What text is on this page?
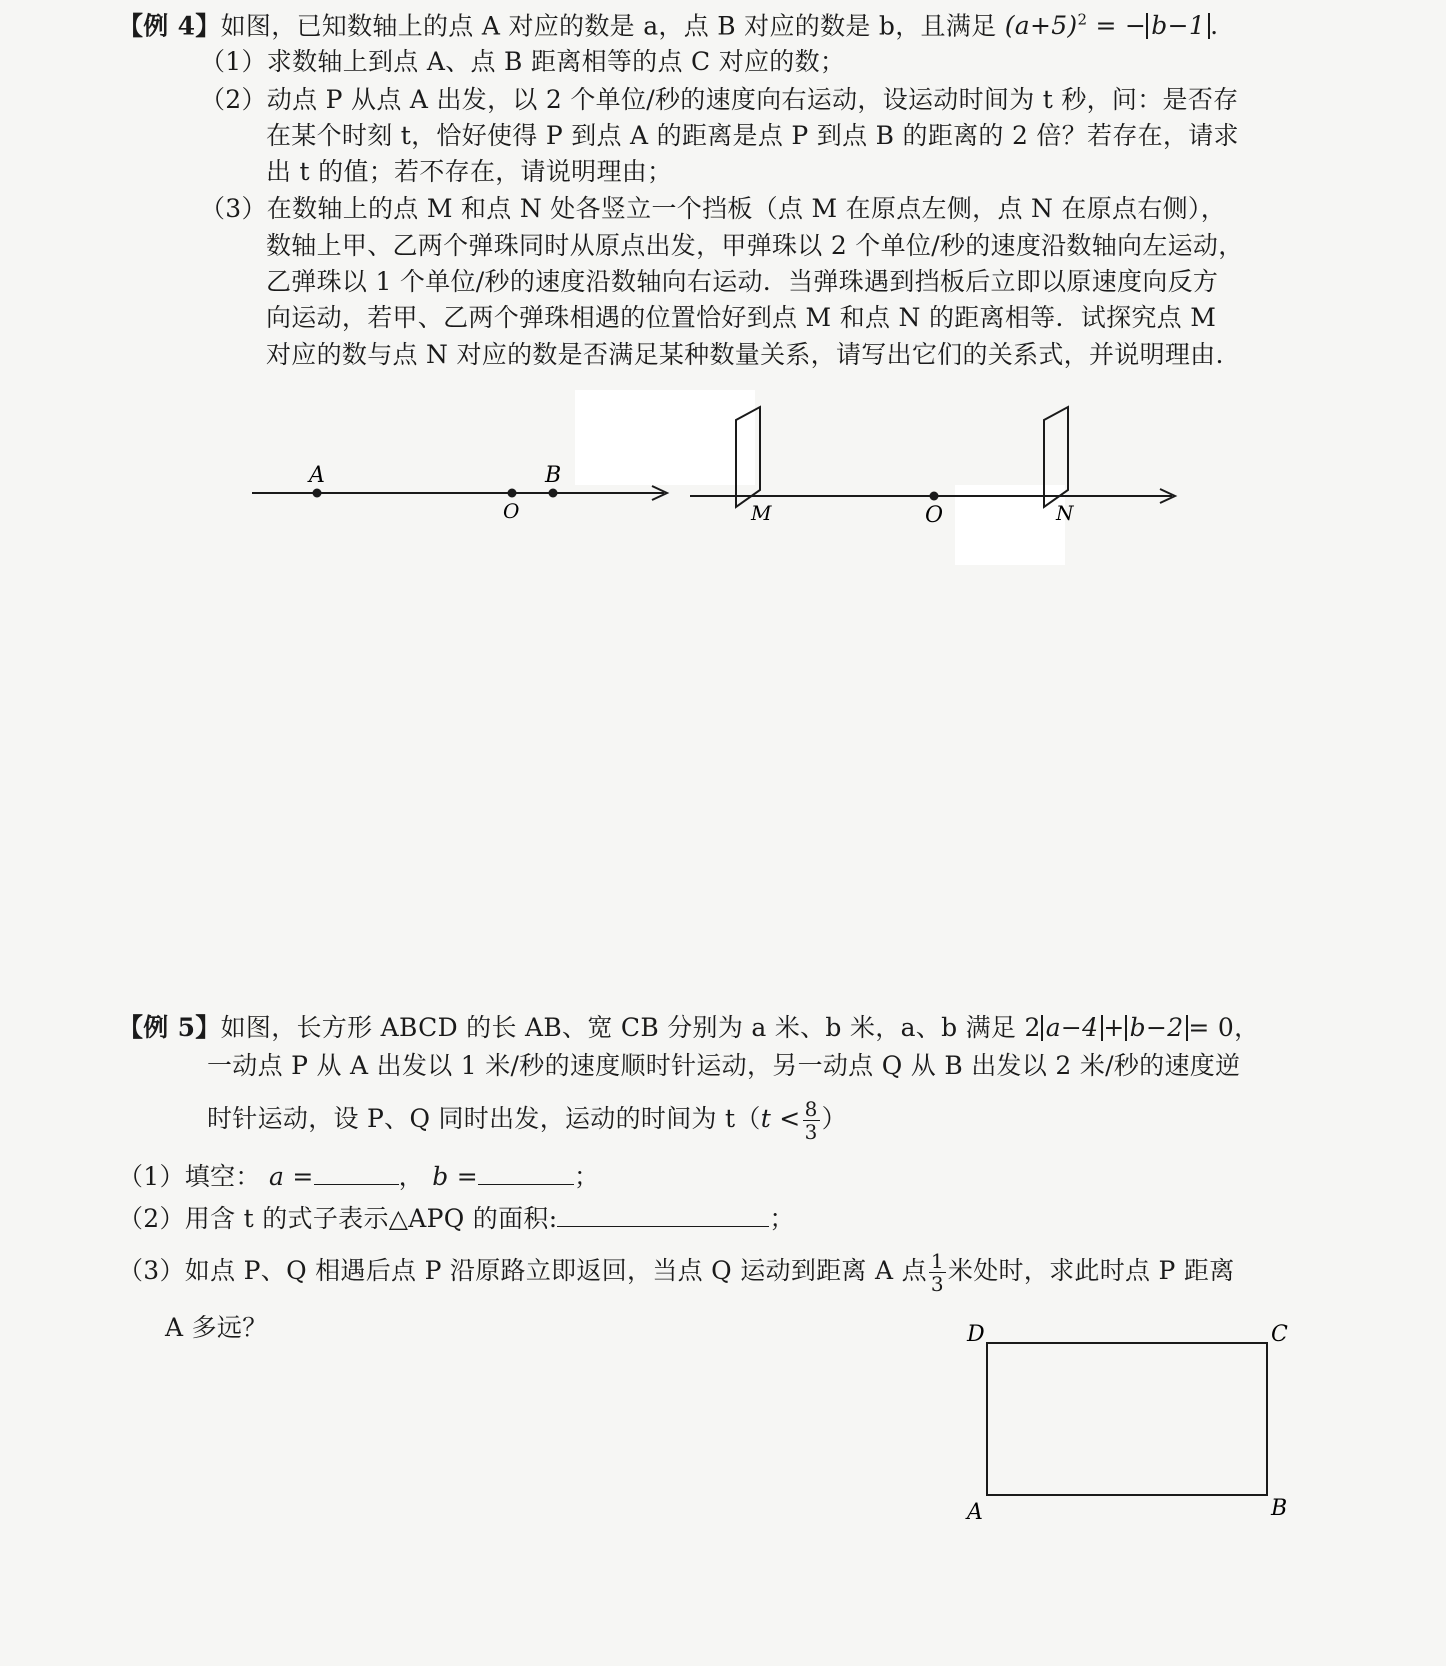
【例 4】如图，已知数轴上的点 A 对应的数是 a，点 B 对应的数是 b，且满足 $(a+5)^2$ = − b−1 .
（1）求数轴上到点 A、点 B 距离相等的点 C 对应的数；
（2）动点 P 从点 A 出发，以 2 个单位/秒的速度向右运动，设运动时间为 t 秒，问：是否存
在某个时刻 t，恰好使得 P 到点 A 的距离是点 P 到点 B 的距离的 2 倍？若存在，请求
出 t 的值；若不存在，请说明理由；
（3）在数轴上的点 M 和点 N 处各竖立一个挡板（点 M 在原点左侧，点 N 在原点右侧），
数轴上甲、乙两个弹珠同时从原点出发，甲弹珠以 2 个单位/秒的速度沿数轴向左运动，
乙弹珠以 1 个单位/秒的速度沿数轴向右运动．当弹珠遇到挡板后立即以原速度向反方
向运动，若甲、乙两个弹珠相遇的位置恰好到点 M 和点 N 的距离相等．试探究点 M
对应的数与点 N 对应的数是否满足某种数量关系，请写出它们的关系式，并说明理由.
A
O
B
M	O	N
【例 5】如图，长方形 ABCD 的长 AB、宽 CB 分别为 a 米、b 米，a、b 满足 2 a−4 + b−2 = 0，
一动点 P 从 A 出发以 1 米/秒的速度顺时针运动，另一动点 Q 从 B 出发以 2 米/秒的速度逆
时针运动，设 P、Q 同时出发，运动的时间为 $t(t < \frac{8}{3}$ ）
（1）填空： a =	， b =	；
（2）用含 t 的式子表示△APQ 的面积:	；
（3）如点 P、Q 相遇后点 P 沿原路立即返回，当点 Q 运动到距离 A 点 $\frac{1}{3}$ 米处时，求此时点 P 距离
A 多远？	D	C
A	B
